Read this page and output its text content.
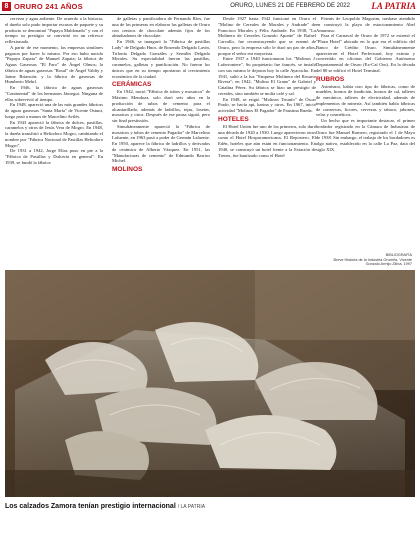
8 ORURO 241 AÑOS	ORURO, LUNES 21 DE FEBRERO DE 2022 LA PATRIA

cerveza y agua ardiente. De acuerdo a la historia, el dueño solo pudo importar escasos de paquete y su producto se denominó "Papaya Maldonado" y con el tiempo su prestigio se convirtió en un refresco reflexionado.

A partir de ese momento, las empresas similares pagaron por hacer lo mismo. Por eso hubo nacido "Papaya Zapata" de Manuel Zapata; la fábrica de Aguas Gaseosas "El Faro" de Ángel Olmos; la fábrica de aguas gaseosas "Rosal" de Ángel Valdiy y Jaime Briancón; y la fábrica de gaseosas de Humberto Mehrl.

En 1946, la fábrica de aguas gaseosas "Continental" de los hermanos Jáuregui. Ninguna de ellas sobrevivió al tiempo.

En 1948, apareció una de las más grandes fábricas de aguas gaseosas "Santa María" de Vicente Ostuni, luego pasó a manos de Marcelino Avilés.

En 1943 apareció la fábrica de dulces, pastillas, caramelos y otros de Jesús Vera de Mogro. En 1948, la dueña transfirió a Heliodoro Mogro, cambiando el nombre por "Fábrica Nacional de Pastillas Heliodoro Mogro".

De 1931 a 1942, Jorge Elías puso en pie a la "Fábrica de Pastillas y Dulcería en general". En 1939, se fundó la fábrica

de galletas y panificadora de Fernando Ríos, fue una de las primeras en elaborar las galletas de Oruro con centros de chocolate además fijos de los almohadones de chocolate.

En 1946, se inauguró la "Fábrica de pastillas Lady" de Delgado Hnos. de Rosendo Delgado Lavín, Trifonía Delgado Gonzáles y Sernilín Delgado Morales. Su especialidad fueron las pastillas, caramelos, galletas y panificación. No fueron los únicos que en su tiempo aportaron al crecimiento económico de la ciudad.

CERÁMICAS

En 1942, nació "Fábrica de tubos y mosaicos" de Máximo Mendoza, solo duró seis años en la producción de tubos de cemento para el alcantarillado, además de ladrillos, tejas, losetas, mosaicos y otros. Después de ese pausa siguió, pero sin final prestissión.

Simultáneamente apareció la "Fábrica de mosaicos y tubos de cemento Pagador" de Marcelino Lafuente, en 1963 pasó a poder de Germán Lafuente. En 1950, aparece la fábrica de ladrillos y derivados de cerámica de Alberto Vázquez. En 1951, las "Manufacturas de cemento" de Edmundo Barrios Michel.

MOLINOS

Desde 1927 hasta 1942 funcionó en Oruro el "Molino de Cereales de Morales y Andrade" de Francisco Morales y Félix Andrade. En 1938, "La Molinera de Cereales Gonzalo Aponte" de Rafael Carvallo, fue reconstruyendo que se erannó de Oruro, pero la empresa sólo le duró un par de años, porque el señor era mayorista.

Entre 1937 a 1940 funcionaron los "Molinos J. Laferroniere". Su propietario fue francés, se instaló con sus mismo le dejaron hoy la calle Ayacucho. En 1941, salió a la luz "Empresa Molinera del Rosario Rivera"; en 1942, "Molino El Grano" de Gabriel y Catalina Pérez. Su fábrica se hizo un prestigio de cereales, sino también se molía café y sal.

En 1948, se erigió "Molinos Triunfo" de Óscar Prado, se hacía api, harina y otros. En 1967, inició actividad "Molinos El Pagador" de Faustina Rueda.

HOTELES

El Hotel Unión fue uno de los primeros, solo duró una década de 1920 a 1930. Luego aparecieron otros como el Hotel Hospacamericana, El Repostero, El Edén, hoteles que aún están en funcionamiento. En 1940, se construyó un hotel frente a la Estación de Trenes, fue bautizado como el Hotel

Fórmis de Leopoldo Magorim, trasbase atendido en construyó la playa de estacionamiento Abel Amarruso.

Para el Carnaval de Oruro de 1972 se estrenó el "Plaza Hotel" ubicado en lo que era el edificio del Banco de Crédito Oruro. Simultáneamente aparecieron el Hotel Prefectural, hoy extinto y convertido en oficinas del Gobierno Autónomo Departamental de Oruro (Ex-Caí Oru). En la década del 80 se edificó el Hotel Terminal.

RUBROS

Asimismo, había otro tipo de fábricas, como de muebles, hornos de fundición, hornos de cal, talleres de mecánica, talleres de electricidad, además de implementos de minería. Así también había fábricas de conservas, licores, cervezas y tabaco, jabones, velas y cosméticos.

Un hecho que es importante destacar, el primer bordador registrado en la Cámara de Industrias de Oruro fue Manuel Romero, registrado el 1 de Mayo de 1938. Sin embargo, el trabajo de los bordadores es algo nativo, establecido en la calle La Paz, data del siglo XIX.

BIBLIOGRAFÍA
Breve Historia de la Industria Orureña, Vicente
Gonzalo Armijo Zilina, 1997
Los calzados Zamora tenían prestigio internacional / LA PATRIA
